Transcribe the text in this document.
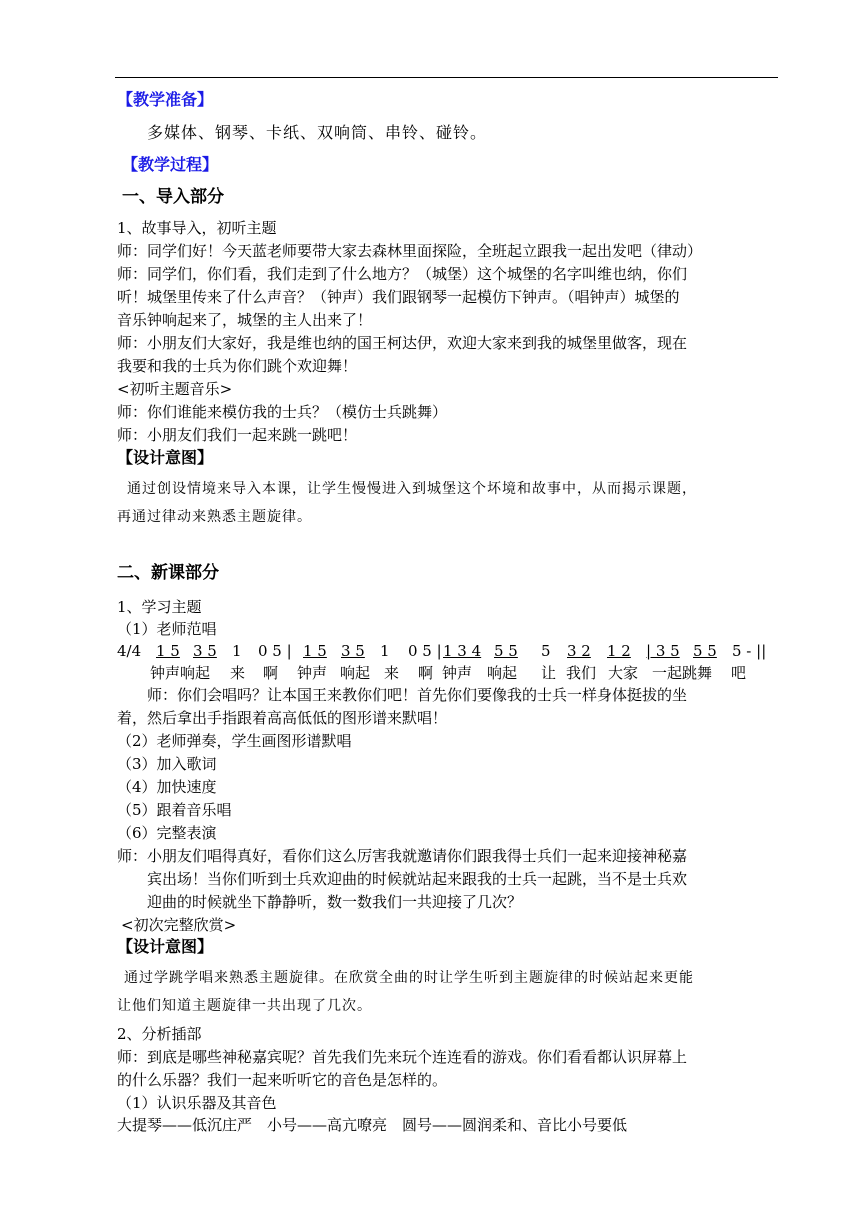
【教学准备】
多媒体、钢琴、卡纸、双响筒、串铃、碰铃。
【教学过程】
一、导入部分
1、故事导入，初听主题
师：同学们好！今天蓝老师要带大家去森林里面探险，全班起立跟我一起出发吧（律动）
师：同学们，你们看，我们走到了什么地方？（城堡）这个城堡的名字叫维也纳，你们
听！城堡里传来了什么声音？（钟声）我们跟钢琴一起模仿下钟声。（唱钟声）城堡的
音乐钟响起来了，城堡的主人出来了！
师：小朋友们大家好，我是维也纳的国王柯达伊，欢迎大家来到我的城堡里做客，现在
我要和我的士兵为你们跳个欢迎舞！
<初听主题音乐>
师：你们谁能来模仿我的士兵？（模仿士兵跳舞）
师：小朋友们我们一起来跳一跳吧！
【设计意图】
通过创设情境来导入本课，让学生慢慢进入到城堡这个坏境和故事中，从而揭示课题，
再通过律动来熟悉主题旋律。
二、新课部分
1、学习主题
（1）老师范唱
4/4 1 5 3 5 1 0 5 | 1 5 3 5 1 0 5 | 1 3 4 5 5 5 3 2 1 2 | 3 5 5 5 5 - ||
钟声响起 来 啊 钟声 响起 来 啊 钟声 响起 让 我们 大家 一起跳舞 吧
师：你们会唱吗？让本国王来教你们吧！首先你们要像我的士兵一样身体挺拔的坐
着，然后拿出手指跟着高高低低的图形谱来默唱！
（2）老师弹奏，学生画图形谱默唱
（3）加入歌词
（4）加快速度
（5）跟着音乐唱
（6）完整表演
师：小朋友们唱得真好，看你们这么厉害我就邀请你们跟我得士兵们一起来迎接神秘嘉
宾出场！当你们听到士兵欢迎曲的时候就站起来跟我的士兵一起跳，当不是士兵欢
迎曲的时候就坐下静静听，数一数我们一共迎接了几次？
<初次完整欣赏>
【设计意图】
通过学跳学唱来熟悉主题旋律。在欣赏全曲的时让学生听到主题旋律的时候站起来更能
让他们知道主题旋律一共出现了几次。
2、分析插部
师：到底是哪些神秘嘉宾呢？首先我们先来玩个连连看的游戏。你们看看都认识屏幕上
的什么乐器？我们一起来听听它的音色是怎样的。
（1）认识乐器及其音色
大提琴——低沉庄严　小号——高亢嘹亮　圆号——圆润柔和、音比小号要低
